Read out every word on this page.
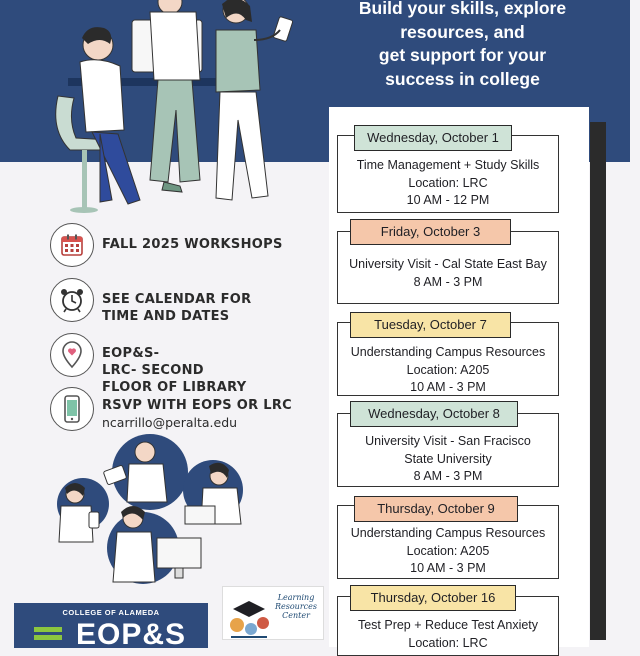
Build your skills, explore
resources, and
get support for your
success in college
Time Management + Study Skills
Location: LRC
10 AM - 12 PM
Wednesday, October 1
University Visit - Cal State East Bay
8 AM - 3 PM
Friday, October 3
Understanding Campus Resources
Location: A205
10 AM - 3 PM
Tuesday, October 7
University Visit - San Fracisco
State University
8 AM - 3 PM
Wednesday, October 8
Understanding Campus Resources
Location: A205
10 AM - 3 PM
Thursday, October 9
Test Prep + Reduce Test Anxiety
Location: LRC
Thursday, October 16
FALL 2025 WORKSHOPS
SEE CALENDAR FOR
TIME AND DATES
EOP&S-
LRC- SECOND
FLOOR OF LIBRARY
RSVP WITH EOPS OR LRC
ncarrillo@peralta.edu
COLLEGE OF ALAMEDA
EOP&S
Learning
Resources
Center
